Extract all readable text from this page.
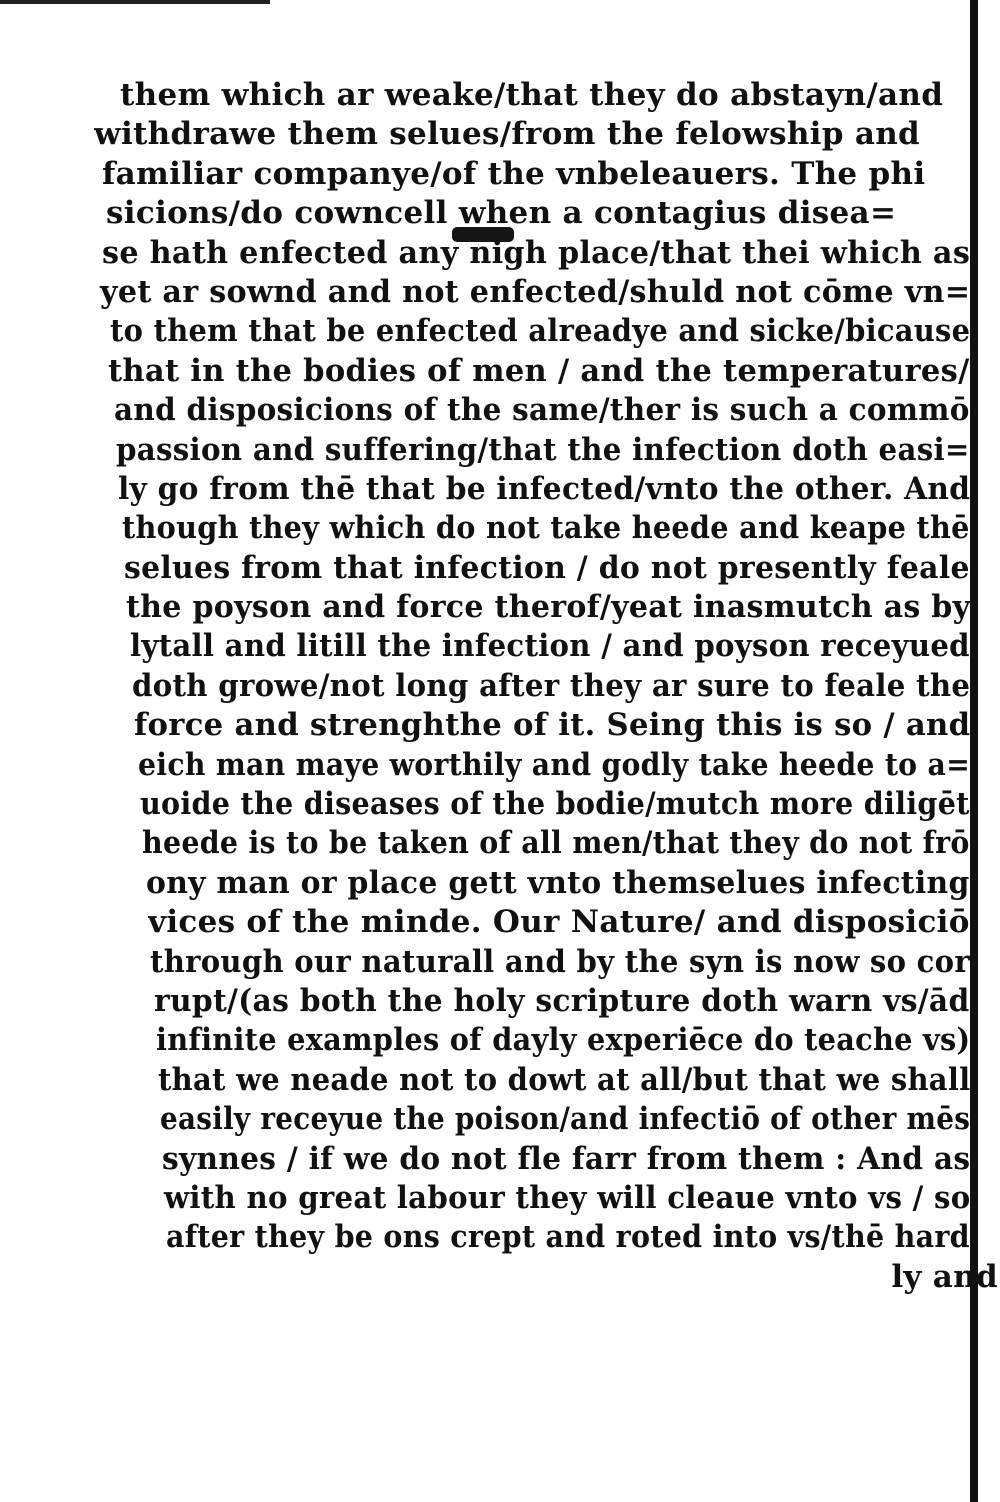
them which ar weake/that they do abstayn/and
withdrawe them selues/from the felowship and
familiar companye/of the vnbeleauers. The phi
sicions/do cowncell when a contagius disea=
se hath enfected any nigh place/that thei which as
yet ar sownd and not enfected/shuld not cōme vn=
to them that be enfected alreadye and sicke/bicause
that in the bodies of men / and the temperatures/
and disposicions of the same/ther is such a commō
passion and suffering/that the infection doth easi=
ly go from thē that be infected/vnto the other. And
though they which do not take heede and keape thē
selues from that infection / do not presently feale
the poyson and force therof/yeat inasmutch as by
lytall and litill the infection / and poyson receyued
doth growe/not long after they ar sure to feale the
force and strenghthe of it. Seing this is so / and
eich man maye worthily and godly take heede to a=
uoide the diseases of the bodie/mutch more diligēt
heede is to be taken of all men/that they do not frō
ony man or place gett vnto themselues infecting
vices of the minde. Our Nature/ and disposiciō
through our naturall and by the syn is now so cor
rupt/(as both the holy scripture doth warn vs/ād
infinite examples of dayly experiēce do teache vs)
that we neade not to dowt at all/but that we shall
easily receyue the poison/and infectiō of other mēs
synnes / if we do not fle farr from them : And as
with no great labour they will cleaue vnto vs / so
after they be ons crept and roted into vs/thē hard
ly and
